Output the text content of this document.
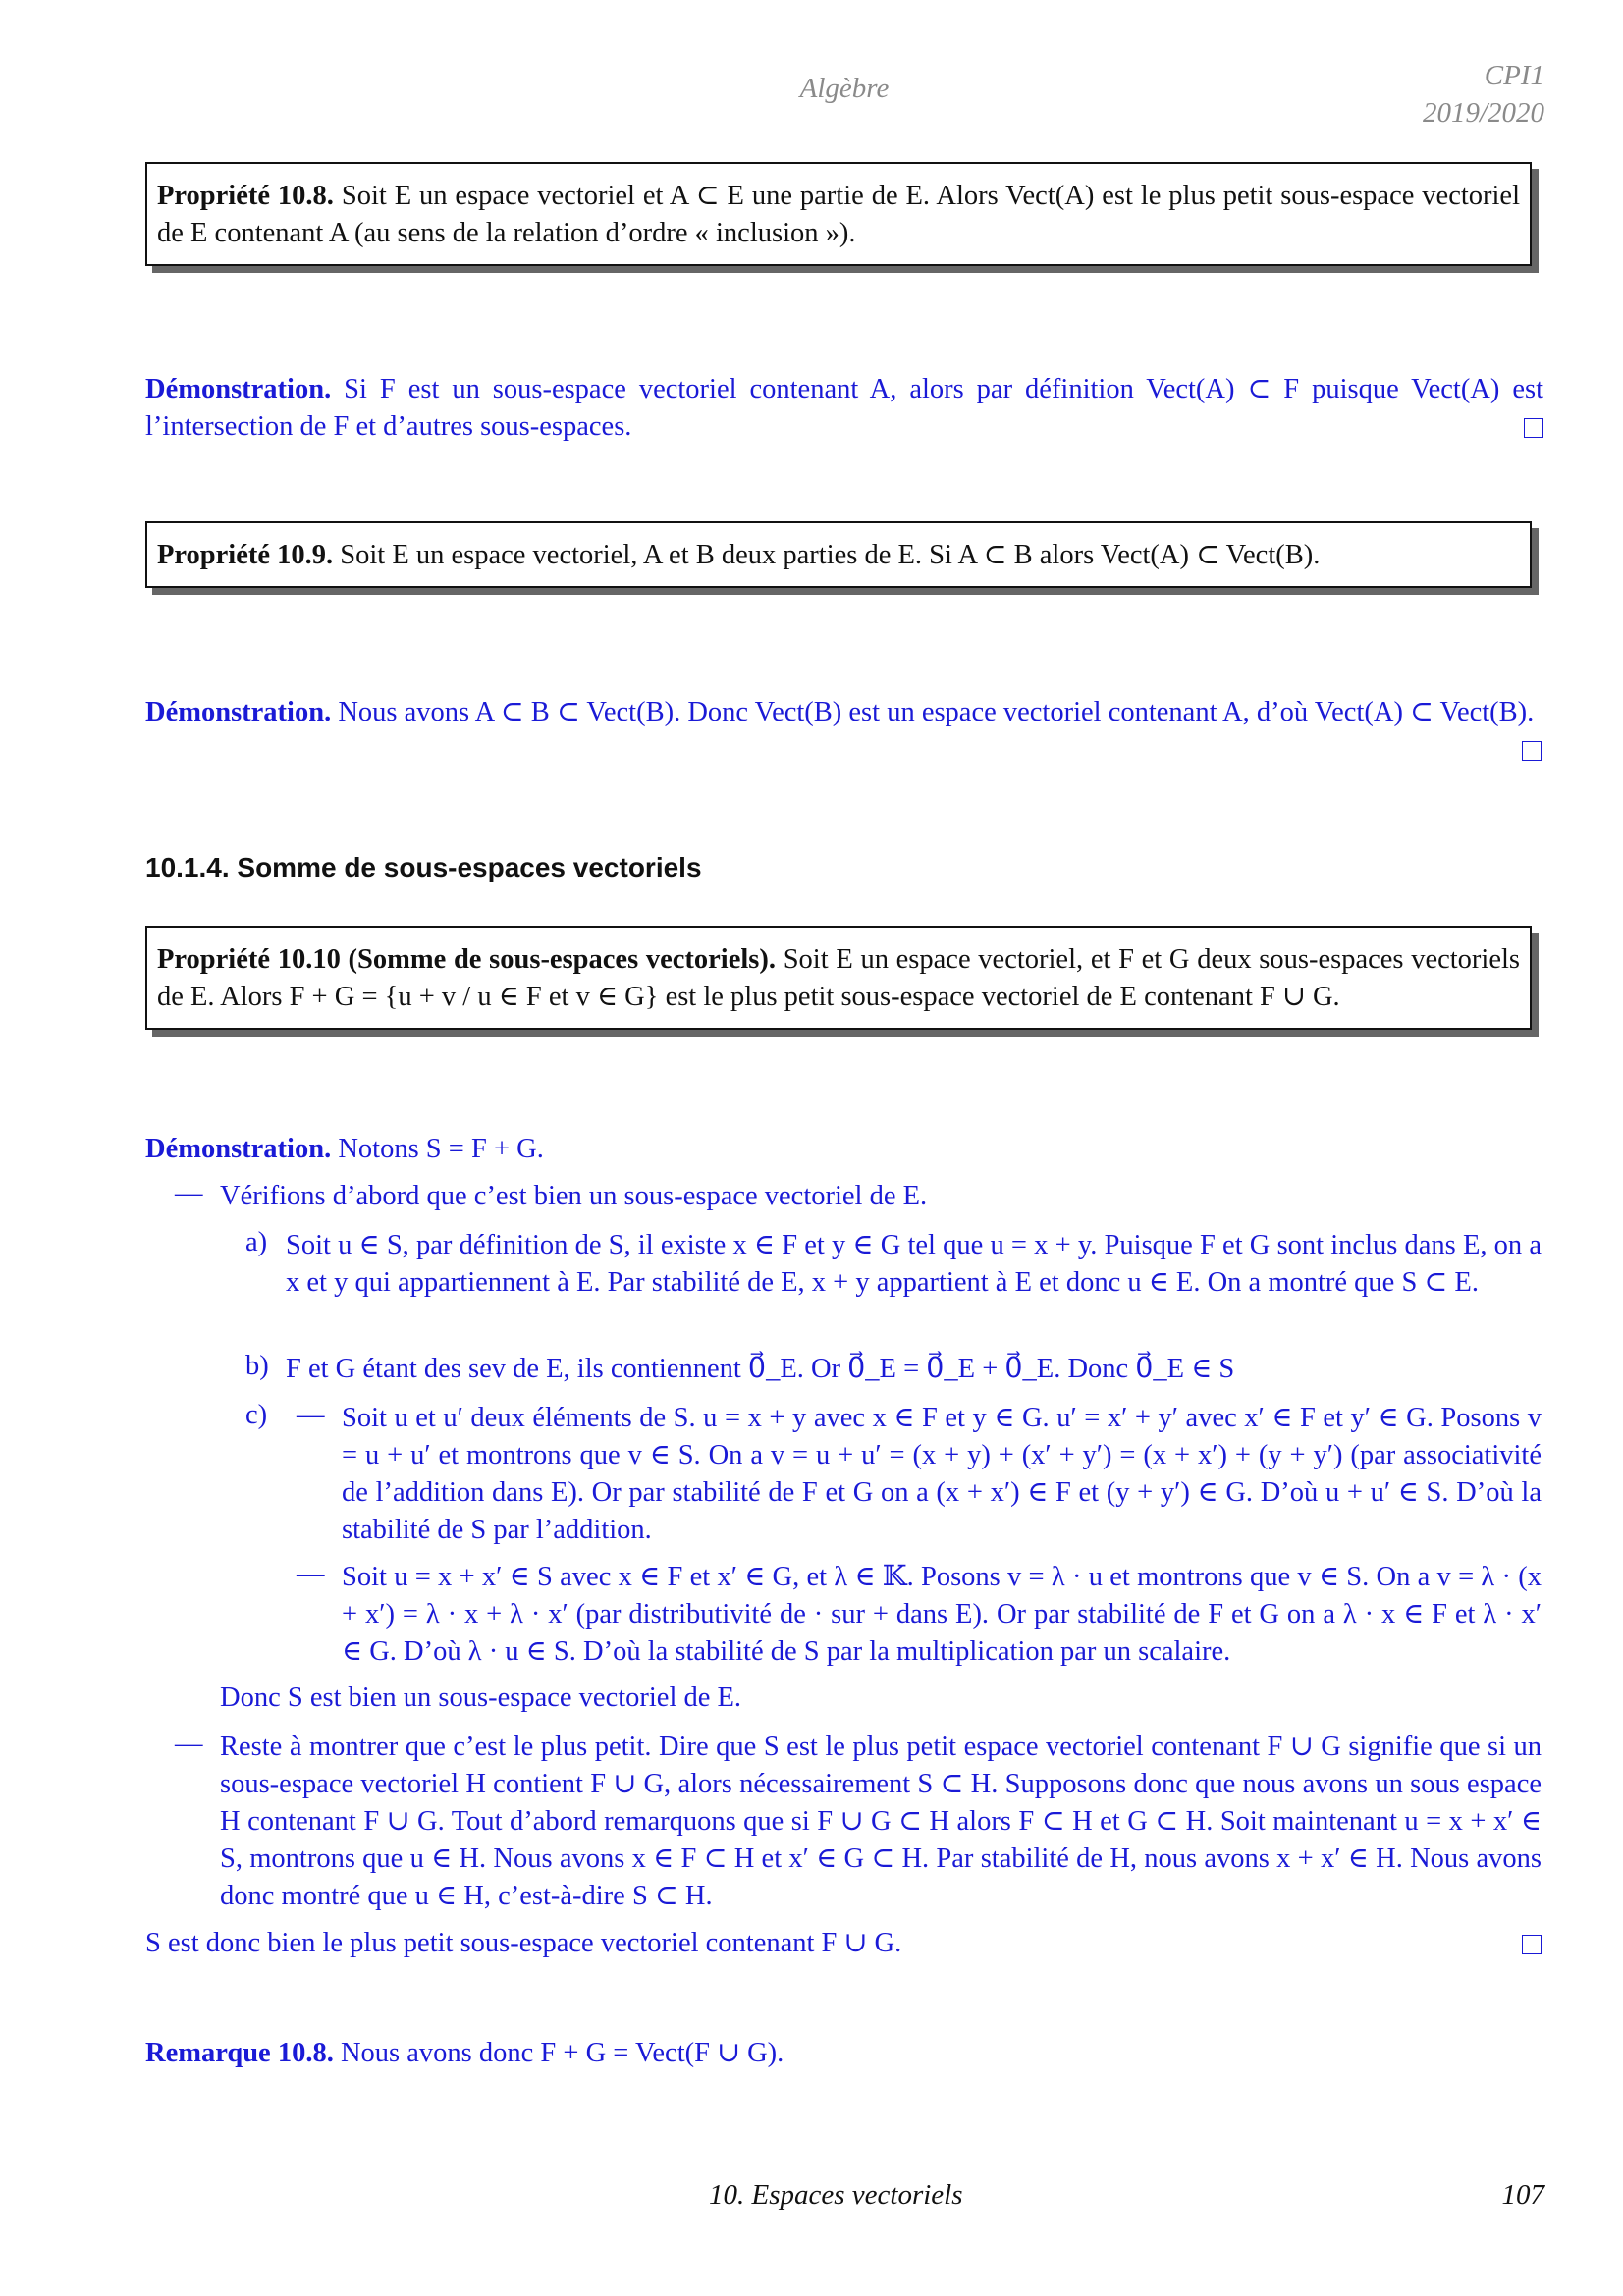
Algèbre	CPI1
2019/2020
Propriété 10.8. Soit E un espace vectoriel et A ⊂ E une partie de E. Alors Vect(A) est le plus petit sous-espace vectoriel de E contenant A (au sens de la relation d’ordre « inclusion »).
Démonstration. Si F est un sous-espace vectoriel contenant A, alors par définition Vect(A) ⊂ F puisque Vect(A) est l’intersection de F et d’autres sous-espaces.
Propriété 10.9. Soit E un espace vectoriel, A et B deux parties de E. Si A ⊂ B alors Vect(A) ⊂ Vect(B).
Démonstration. Nous avons A ⊂ B ⊂ Vect(B). Donc Vect(B) est un espace vectoriel contenant A, d’où Vect(A) ⊂ Vect(B).
10.1.4. Somme de sous-espaces vectoriels
Propriété 10.10 (Somme de sous-espaces vectoriels). Soit E un espace vectoriel, et F et G deux sous-espaces vectoriels de E. Alors F + G = {u + v / u ∈ F et v ∈ G} est le plus petit sous-espace vectoriel de E contenant F ∪ G.
Démonstration. Notons S = F + G.
— Vérifions d’abord que c’est bien un sous-espace vectoriel de E.
a) Soit u ∈ S, par définition de S, il existe x ∈ F et y ∈ G tel que u = x + y. Puisque F et G sont inclus dans E, on a x et y qui appartiennent à E. Par stabilité de E, x + y appartient à E et donc u ∈ E. On a montré que S ⊂ E.
b) F et G étant des sev de E, ils contiennent 0⃗_E. Or 0⃗_E = 0⃗_E + 0⃗_E. Donc 0⃗_E ∈ S
c) — Soit u et u′ deux éléments de S. u = x + y avec x ∈ F et y ∈ G. u′ = x′ + y′ avec x′ ∈ F et y′ ∈ G. Posons v = u + u′ et montrons que v ∈ S. On a v = u + u′ = (x + y) + (x′ + y′) = (x + x′) + (y + y′) (par associativité de l’addition dans E). Or par stabilité de F et G on a (x + x′) ∈ F et (y + y′) ∈ G. D’où u + u′ ∈ S. D’où la stabilité de S par l’addition.
— Soit u = x + x′ ∈ S avec x ∈ F et x′ ∈ G, et λ ∈ 𝕂. Posons v = λ · u et montrons que v ∈ S. On a v = λ · (x + x′) = λ · x + λ · x′ (par distributivité de · sur + dans E). Or par stabilité de F et G on a λ · x ∈ F et λ · x′ ∈ G. D’où λ · u ∈ S. D’où la stabilité de S par la multiplication par un scalaire.
Donc S est bien un sous-espace vectoriel de E.
— Reste à montrer que c’est le plus petit. Dire que S est le plus petit espace vectoriel contenant F ∪ G signifie que si un sous-espace vectoriel H contient F ∪ G, alors nécessairement S ⊂ H. Supposons donc que nous avons un sous espace H contenant F ∪ G. Tout d’abord remarquons que si F ∪ G ⊂ H alors F ⊂ H et G ⊂ H. Soit maintenant u = x + x′ ∈ S, montrons que u ∈ H. Nous avons x ∈ F ⊂ H et x′ ∈ G ⊂ H. Par stabilité de H, nous avons x + x′ ∈ H. Nous avons donc montré que u ∈ H, c’est-à-dire S ⊂ H.
S est donc bien le plus petit sous-espace vectoriel contenant F ∪ G.
Remarque 10.8. Nous avons donc F + G = Vect(F ∪ G).
10. Espaces vectoriels	107
